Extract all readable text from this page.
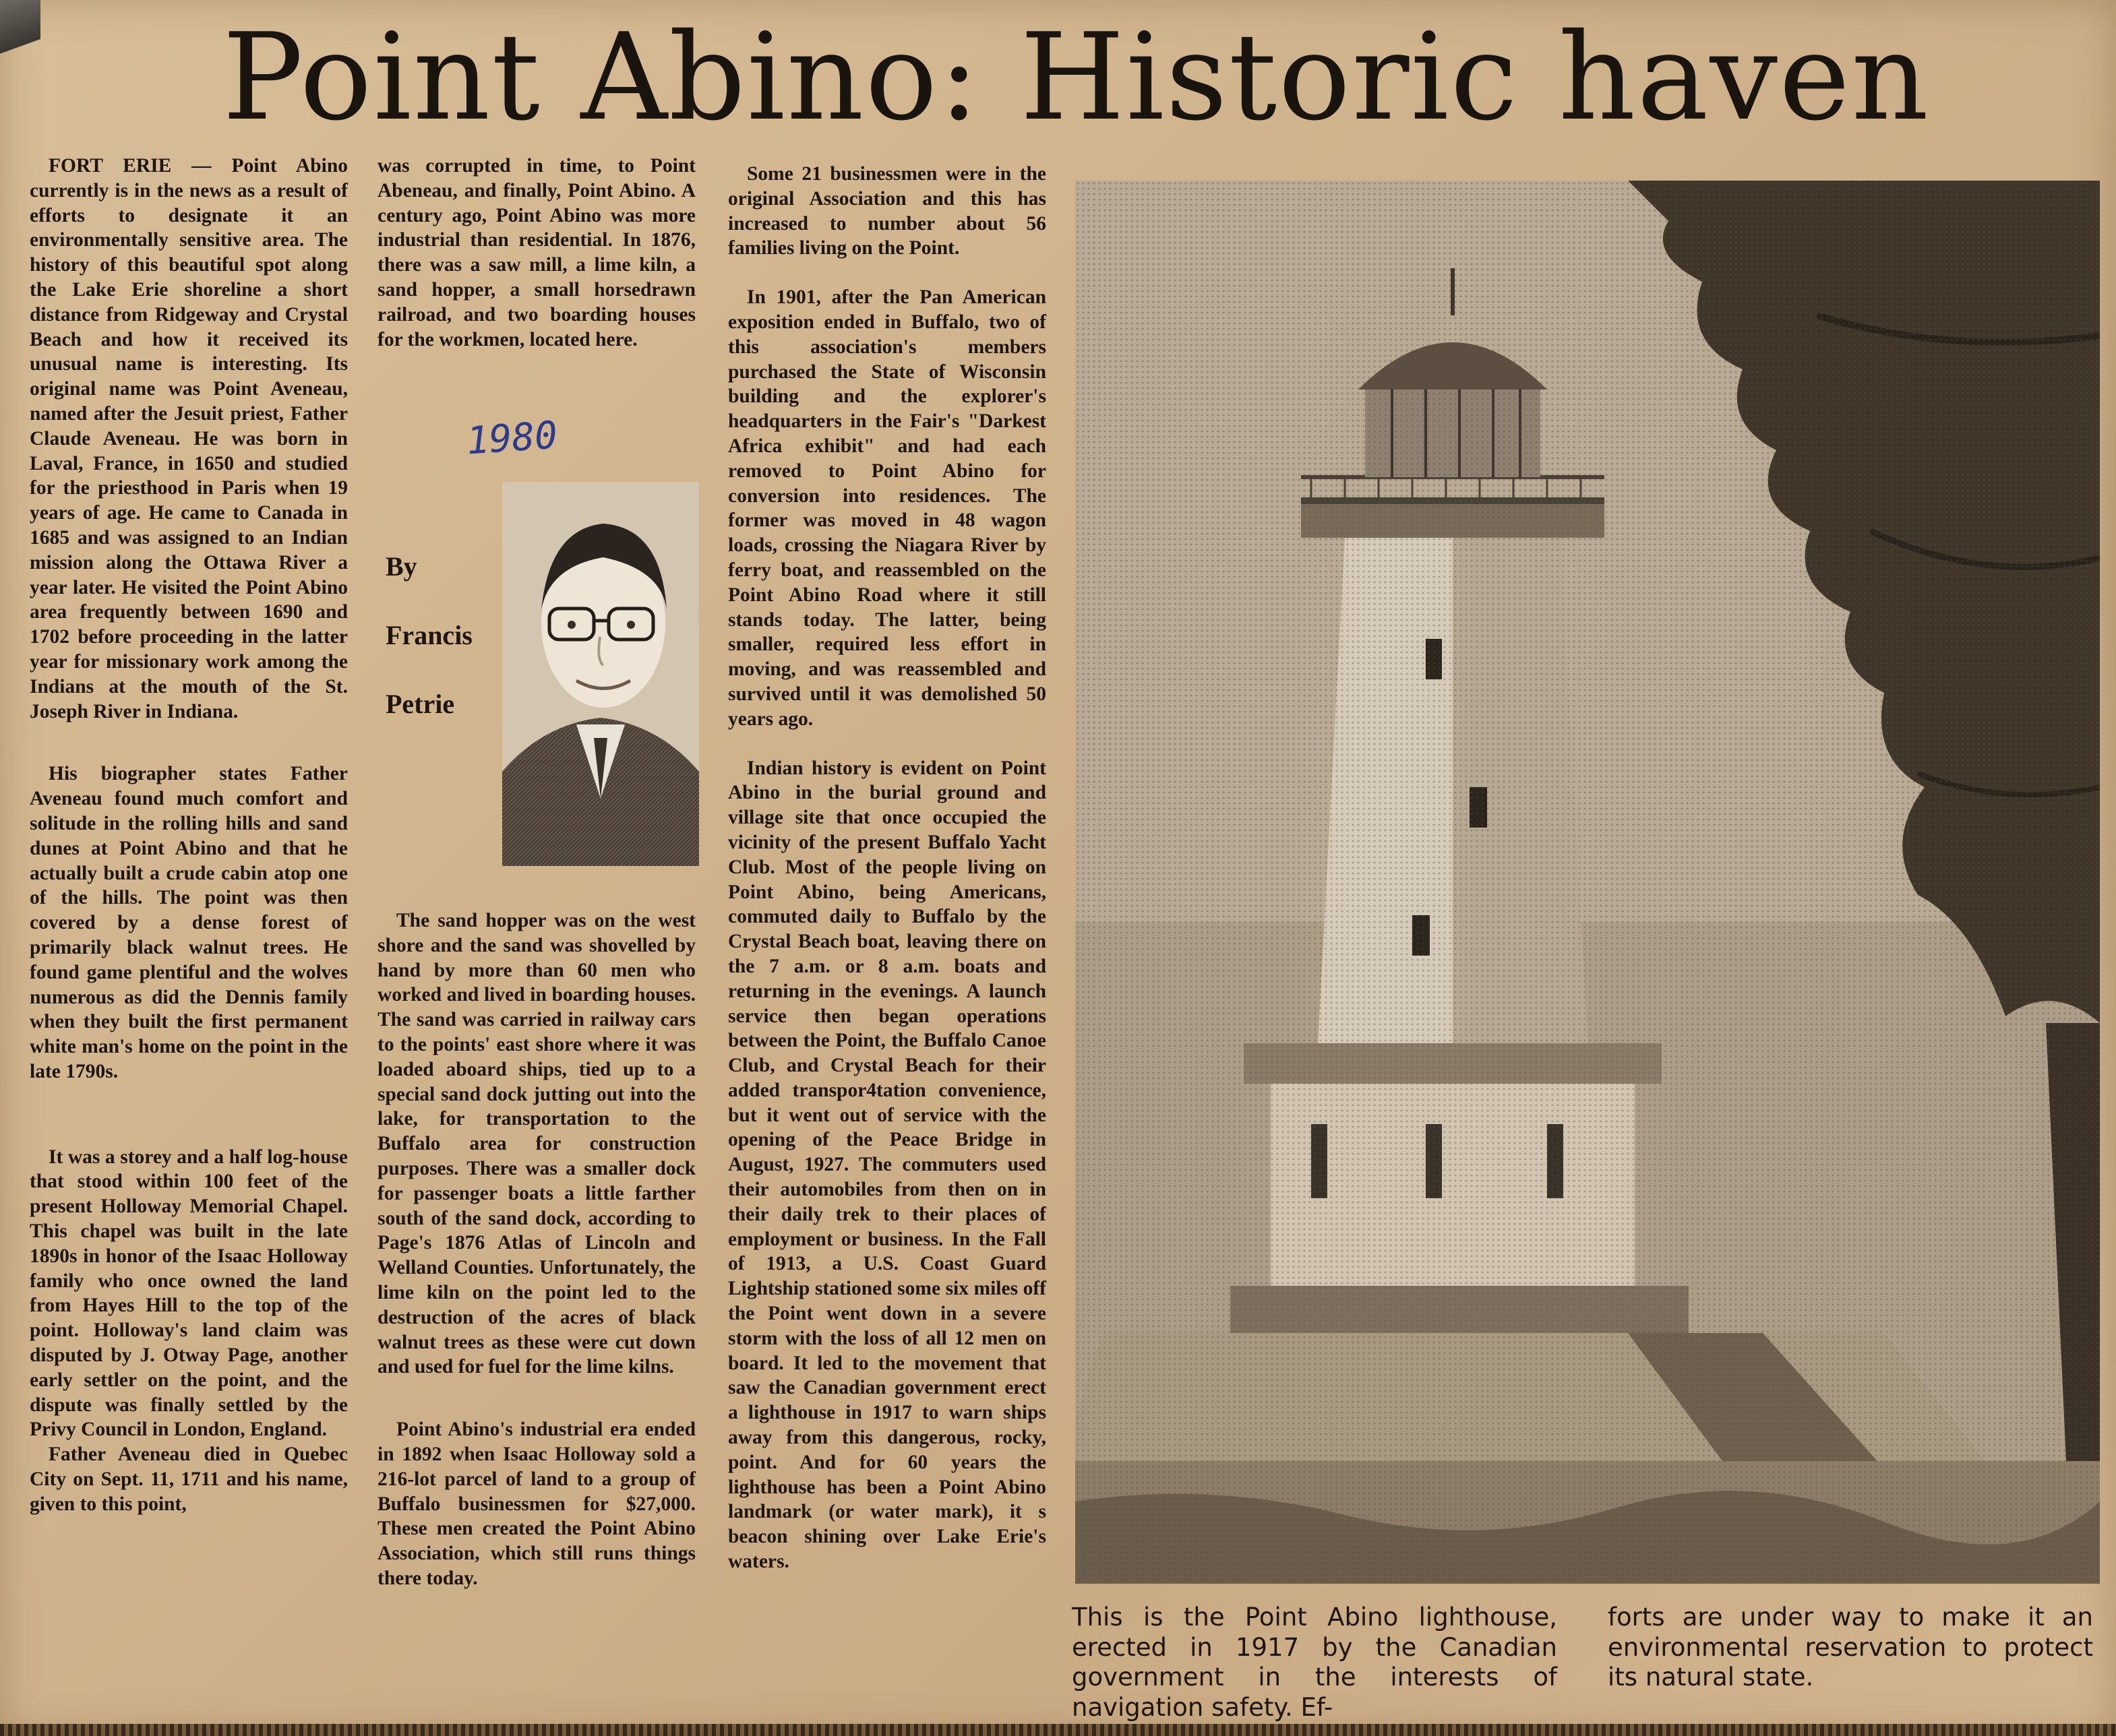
Point Abino: Historic haven

FORT ERIE — Point Abino currently is in the news as a result of efforts to designate it an environmentally sensitive area. The history of this beautiful spot along the Lake Erie shoreline a short distance from Ridgeway and Crystal Beach and how it received its unusual name is interesting. Its original name was Point Aveneau, named after the Jesuit priest, Father Claude Aveneau. He was born in Laval, France, in 1650 and studied for the priesthood in Paris when 19 years of age. He came to Canada in 1685 and was assigned to an Indian mission along the Ottawa River a year later. He visited the Point Abino area frequently between 1690 and 1702 before proceeding in the latter year for missionary work among the Indians at the mouth of the St. Joseph River in Indiana.

His biographer states Father Aveneau found much comfort and solitude in the rolling hills and sand dunes at Point Abino and that he actually built a crude cabin atop one of the hills. The point was then covered by a dense forest of primarily black walnut trees. He found game plentiful and the wolves numerous as did the Dennis family when they built the first permanent white man's home on the point in the late 1790s.

It was a storey and a half log-house that stood within 100 feet of the present Holloway Memorial Chapel. This chapel was built in the late 1890s in honor of the Isaac Holloway family who once owned the land from Hayes Hill to the top of the point. Holloway's land claim was disputed by J. Otway Page, another early settler on the point, and the dispute was finally settled by the Privy Council in London, England.

Father Aveneau died in Quebec City on Sept. 11, 1711 and his name, given to this point,

was corrupted in time, to Point Abeneau, and finally, Point Abino. A century ago, Point Abino was more industrial than residential. In 1876, there was a saw mill, a lime kiln, a sand hopper, a small horsedrawn railroad, and two boarding houses for the workmen, located here.

1980
By
Francis
Petrie

The sand hopper was on the west shore and the sand was shovelled by hand by more than 60 men who worked and lived in boarding houses. The sand was carried in railway cars to the points' east shore where it was loaded aboard ships, tied up to a special sand dock jutting out into the lake, for transportation to the Buffalo area for construction purposes. There was a smaller dock for passenger boats a little farther south of the sand dock, according to Page's 1876 Atlas of Lincoln and Welland Counties. Unfortunately, the lime kiln on the point led to the destruction of the acres of black walnut trees as these were cut down and used for fuel for the lime kilns.

Point Abino's industrial era ended in 1892 when Isaac Holloway sold a 216-lot parcel of land to a group of Buffalo businessmen for $27,000. These men created the Point Abino Association, which still runs things there today.

Some 21 businessmen were in the original Association and this has increased to number about 56 families living on the Point.

In 1901, after the Pan American exposition ended in Buffalo, two of this association's members purchased the State of Wisconsin building and the explorer's headquarters in the Fair's "Darkest Africa exhibit" and had each removed to Point Abino for conversion into residences. The former was moved in 48 wagon loads, crossing the Niagara River by ferry boat, and reassembled on the Point Abino Road where it still stands today. The latter, being smaller, required less effort in moving, and was reassembled and survived until it was demolished 50 years ago.

Indian history is evident on Point Abino in the burial ground and village site that once occupied the vicinity of the present Buffalo Yacht Club. Most of the people living on Point Abino, being Americans, commuted daily to Buffalo by the Crystal Beach boat, leaving there on the 7 a.m. or 8 a.m. boats and returning in the evenings. A launch service then began operations between the Point, the Buffalo Canoe Club, and Crystal Beach for their added transpor4tation convenience, but it went out of service with the opening of the Peace Bridge in August, 1927. The commuters used their automobiles from then on in their daily trek to their places of employment or business. In the Fall of 1913, a U.S. Coast Guard Lightship stationed some six miles off the Point went down in a severe storm with the loss of all 12 men on board. It led to the movement that saw the Canadian government erect a lighthouse in 1917 to warn ships away from this dangerous, rocky, point. And for 60 years the lighthouse has been a Point Abino landmark (or water mark), it s beacon shining over Lake Erie's waters.

This is the Point Abino lighthouse, erected in 1917 by the Canadian government in the interests of navigation safety. Ef-
forts are under way to make it an environmental reservation to protect its natural state.
